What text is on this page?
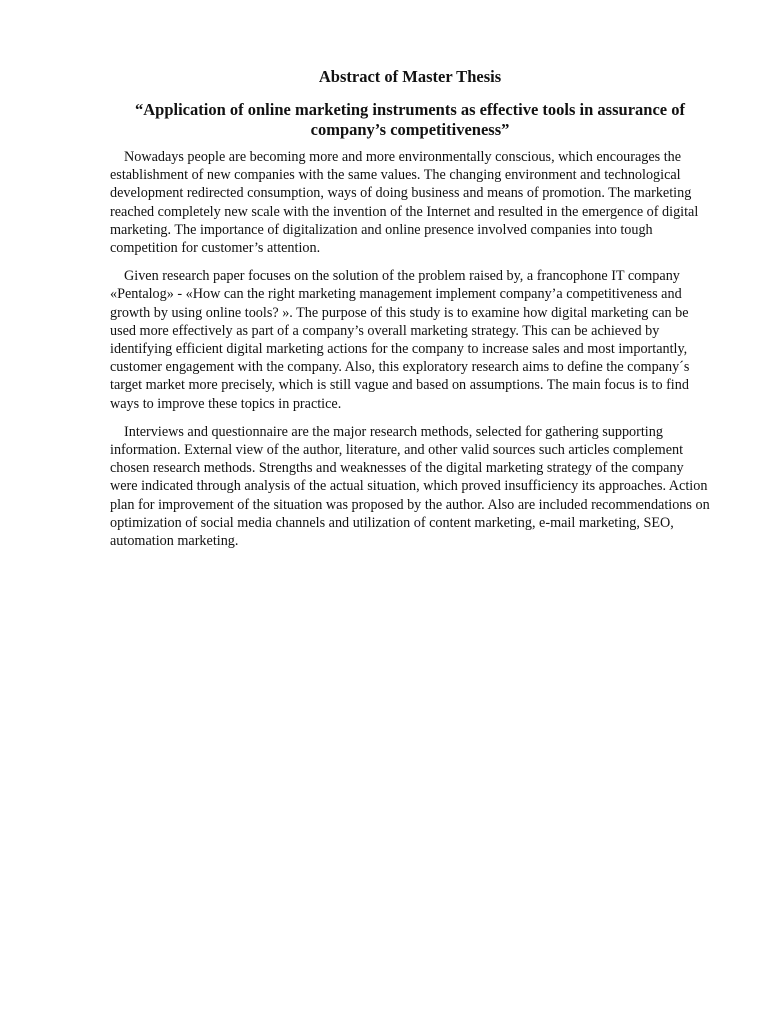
Abstract of Master Thesis

“Application of online marketing instruments as effective tools in assurance of company’s competitiveness”

Nowadays people are becoming more and more environmentally conscious, which encourages the establishment of new companies with the same values. The changing environment and technological development redirected consumption, ways of doing business and means of promotion. The marketing reached completely new scale with the invention of the Internet and resulted in the emergence of digital marketing. The importance of digitalization and online presence involved companies into tough competition for customer’s attention.

Given research paper focuses on the solution of the problem raised by, a francophone IT company «Pentalog» - «How can the right marketing management implement company’a competitiveness and growth by using online tools? ». The purpose of this study is to examine how digital marketing can be used more effectively as part of a company’s overall marketing strategy. This can be achieved by identifying efficient digital marketing actions for the company to increase sales and most importantly, customer engagement with the company. Also, this exploratory research aims to define the company´s target market more precisely, which is still vague and based on assumptions. The main focus is to find ways to improve these topics in practice.

Interviews and questionnaire are the major research methods, selected for gathering supporting information. External view of the author, literature, and other valid sources such articles complement chosen research methods. Strengths and weaknesses of the digital marketing strategy of the company were indicated through analysis of the actual situation, which proved insufficiency its approaches. Action plan for improvement of the situation was proposed by the author. Also are included recommendations on optimization of social media channels and utilization of content marketing, e-mail marketing, SEO, automation marketing.
